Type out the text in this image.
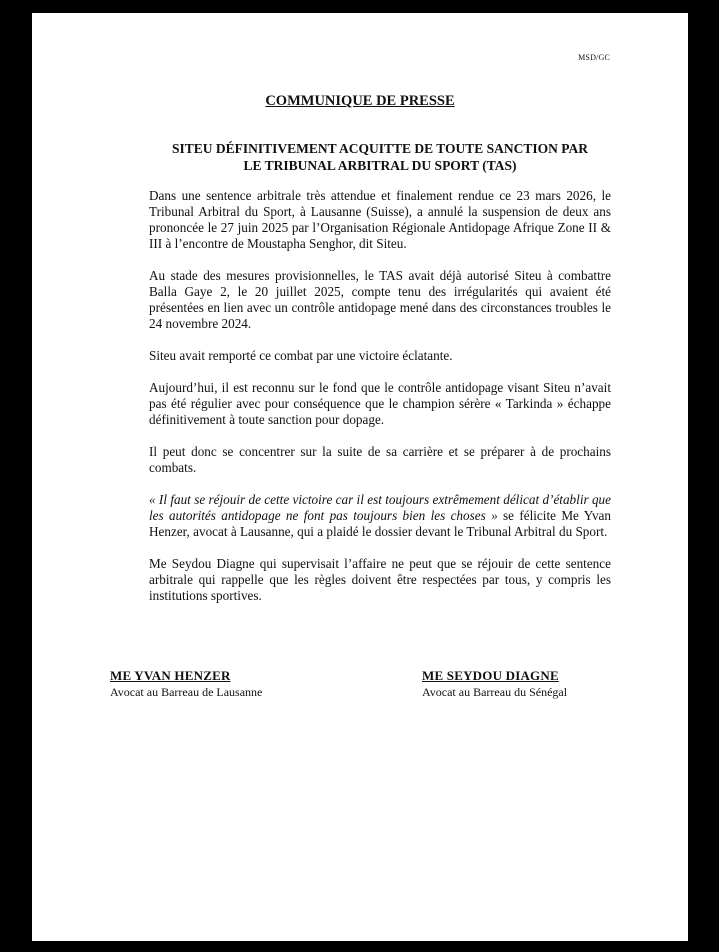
MSD/GC
COMMUNIQUE DE PRESSE
SITEU DÉFINITIVEMENT ACQUITTE DE TOUTE SANCTION PAR
LE TRIBUNAL ARBITRAL DU SPORT (TAS)

Dans une sentence arbitrale très attendue et finalement rendue ce 23 mars 2026, le Tribunal Arbitral du Sport, à Lausanne (Suisse), a annulé la suspension de deux ans prononcée le 27 juin 2025 par l’Organisation Régionale Antidopage Afrique Zone II & III à l’encontre de Moustapha Senghor, dit Siteu.

Au stade des mesures provisionnelles, le TAS avait déjà autorisé Siteu à combattre Balla Gaye 2, le 20 juillet 2025, compte tenu des irrégularités qui avaient été présentées en lien avec un contrôle antidopage mené dans des circonstances troubles le 24 novembre 2024.

Siteu avait remporté ce combat par une victoire éclatante.

Aujourd’hui, il est reconnu sur le fond que le contrôle antidopage visant Siteu n’avait pas été régulier avec pour conséquence que le champion sérère « Tarkinda » échappe définitivement à toute sanction pour dopage.

Il peut donc se concentrer sur la suite de sa carrière et se préparer à de prochains combats.

« Il faut se réjouir de cette victoire car il est toujours extrêmement délicat d’établir que les autorités antidopage ne font pas toujours bien les choses » se félicite Me Yvan Henzer, avocat à Lausanne, qui a plaidé le dossier devant le Tribunal Arbitral du Sport.

Me Seydou Diagne qui supervisait l’affaire ne peut que se réjouir de cette sentence arbitrale qui rappelle que les règles doivent être respectées par tous, y compris les institutions sportives.

ME YVAN HENZER
Avocat au Barreau de Lausanne
ME SEYDOU DIAGNE
Avocat au Barreau du Sénégal
